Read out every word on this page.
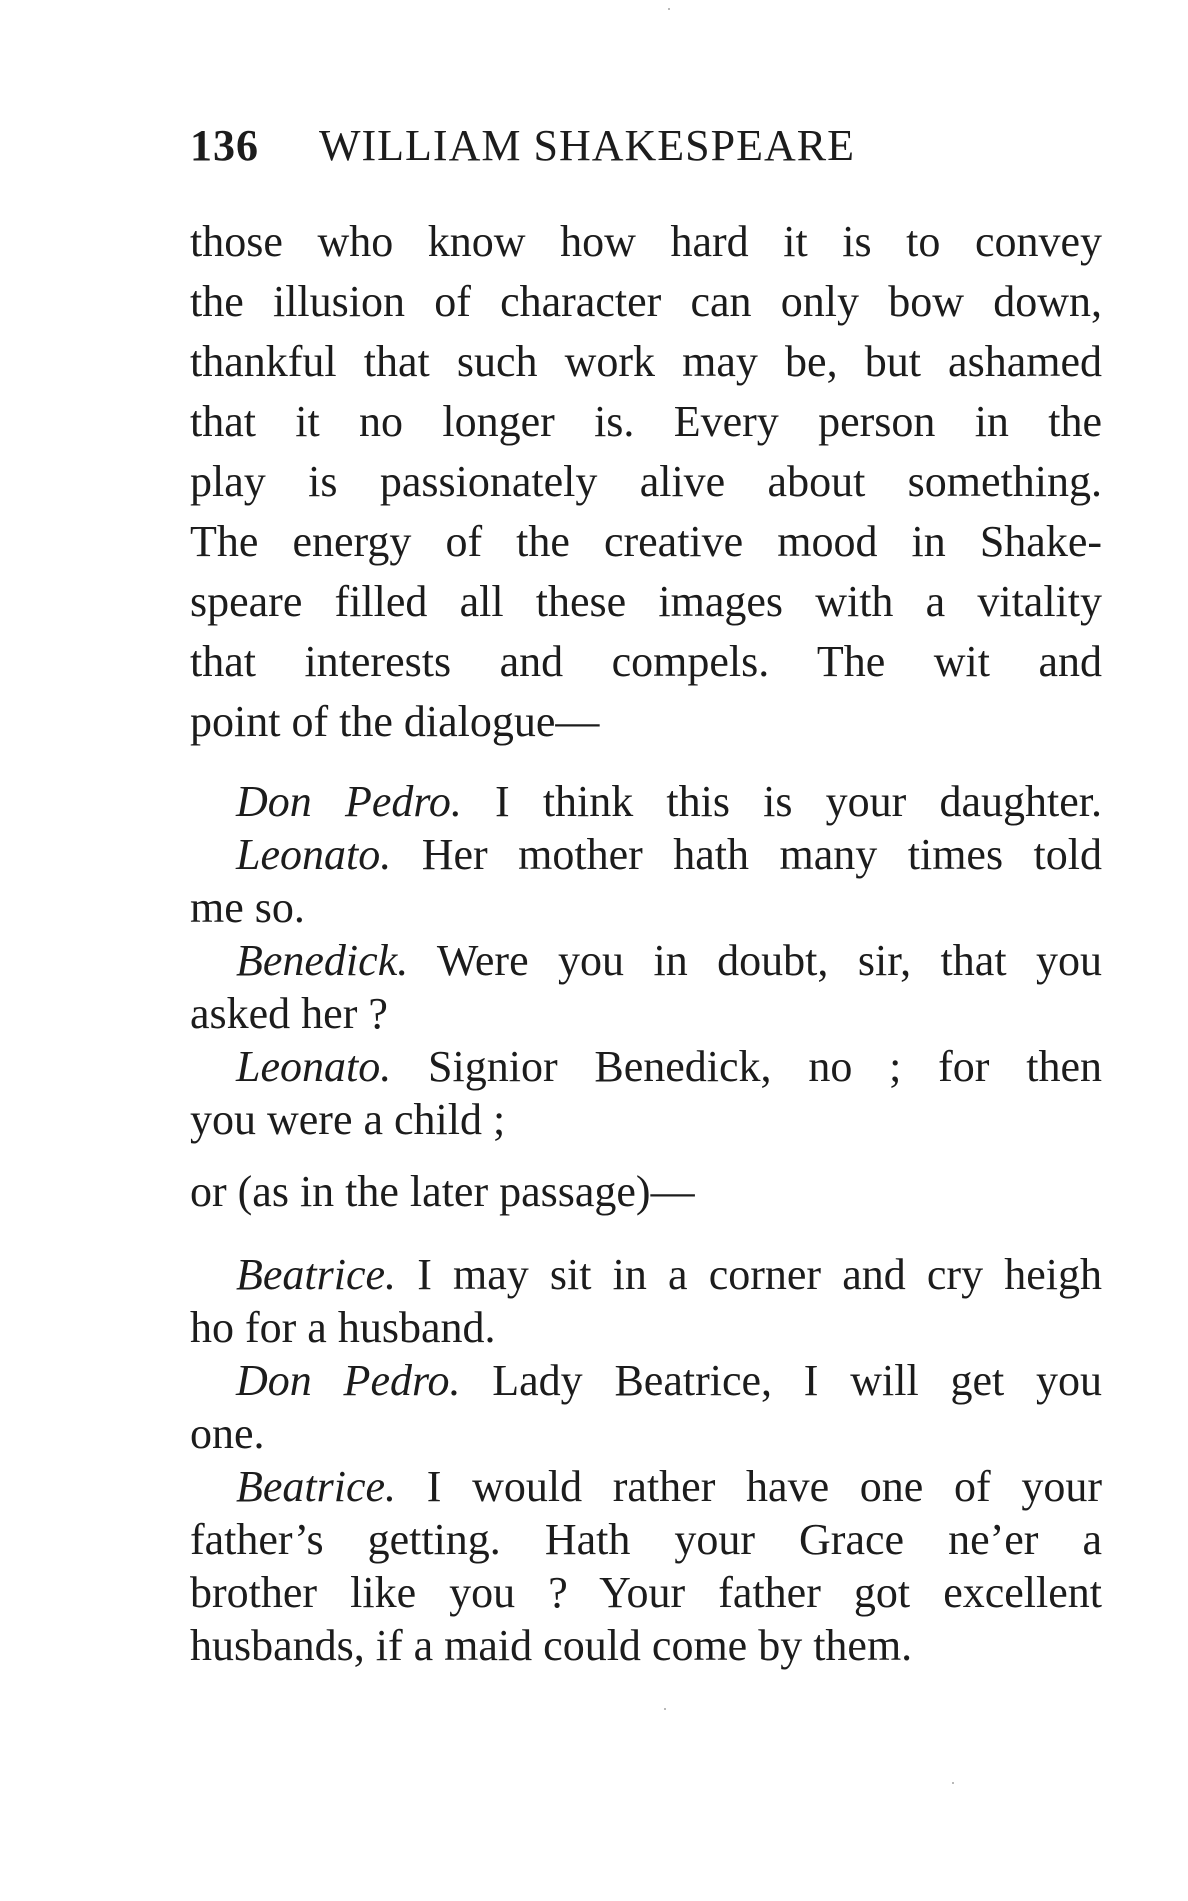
136 WILLIAM SHAKESPEARE
those who know how hard it is to convey
the illusion of character can only bow down,
thankful that such work may be, but ashamed
that it no longer is. Every person in the
play is passionately alive about something.
The energy of the creative mood in Shake-
speare filled all these images with a vitality
that interests and compels. The wit and
point of the dialogue—
Don Pedro. I think this is your daughter.
Leonato. Her mother hath many times told
me so.
Benedick. Were you in doubt, sir, that you
asked her ?
Leonato. Signior Benedick, no ; for then
you were a child ;
or (as in the later passage)—
Beatrice. I may sit in a corner and cry heigh
ho for a husband.
Don Pedro. Lady Beatrice, I will get you
one.
Beatrice. I would rather have one of your
father’s getting. Hath your Grace ne’er a
brother like you ? Your father got excellent
husbands, if a maid could come by them.
